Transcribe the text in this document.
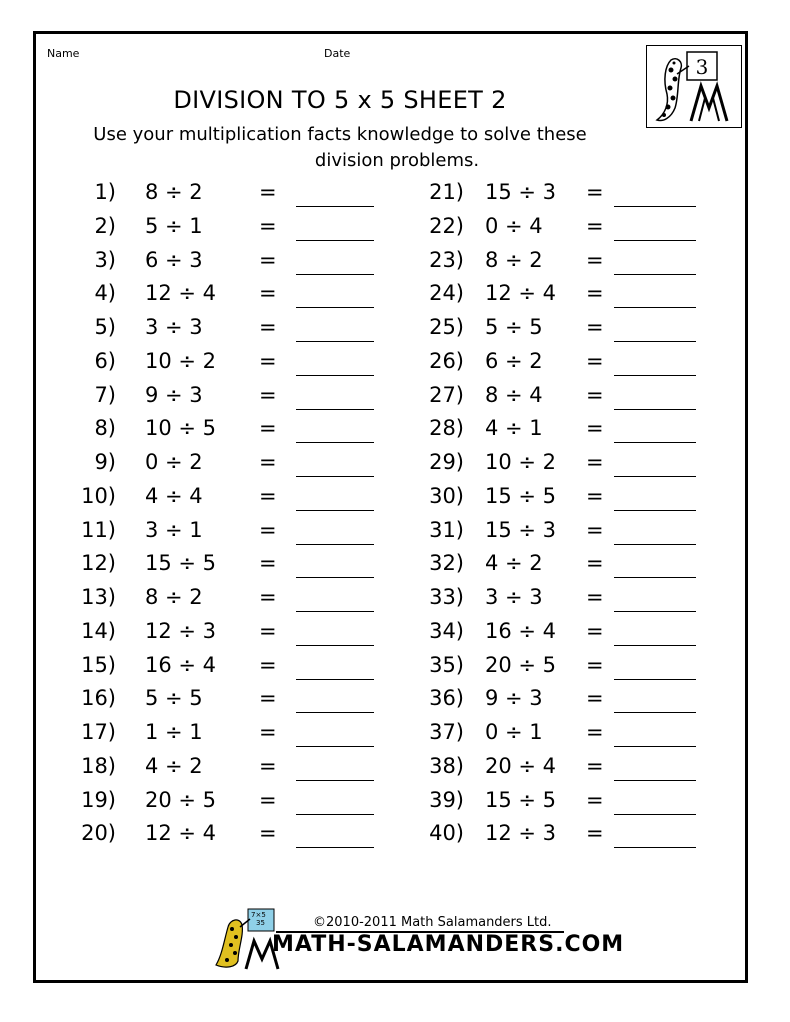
Name	Date
3
DIVISION TO 5 x 5 SHEET 2
Use your multiplication facts knowledge to solve these
division problems.
1) 8 ÷ 2	=
2) 5 ÷ 1	=
3) 6 ÷ 3	=
4) 12 ÷ 4 =
5) 3 ÷ 3	=
6) 10 ÷ 2 =
7) 9 ÷ 3	=
8) 10 ÷ 5 =
9) 0 ÷ 2	=
10) 4 ÷ 4	=
11) 3 ÷ 1	=
12) 15 ÷ 5 =
13) 8 ÷ 2	=
14) 12 ÷ 3 =
15) 16 ÷ 4 =
16) 5 ÷ 5	=
17) 1 ÷ 1	=
18) 4 ÷ 2	=
19) 20 ÷ 5 =
20) 12 ÷ 4 =
21) 15 ÷ 3 =
22) 0 ÷ 4 =
23) 8 ÷ 2 =
24) 12 ÷ 4 =
25) 5 ÷ 5 =
26) 6 ÷ 2 =
27) 8 ÷ 4 =
28) 4 ÷ 1 =
29) 10 ÷ 2 =
30) 15 ÷ 5 =
31) 15 ÷ 3 =
32) 4 ÷ 2 =
33) 3 ÷ 3 =
34) 16 ÷ 4 =
35) 20 ÷ 5 =
36) 9 ÷ 3 =
37) 0 ÷ 1 =
38) 20 ÷ 4 =
39) 15 ÷ 5 =
40) 12 ÷ 3 =
7×5
35	©2010-2011 Math Salamanders Ltd.
MATH-SALAMANDERS.COM
